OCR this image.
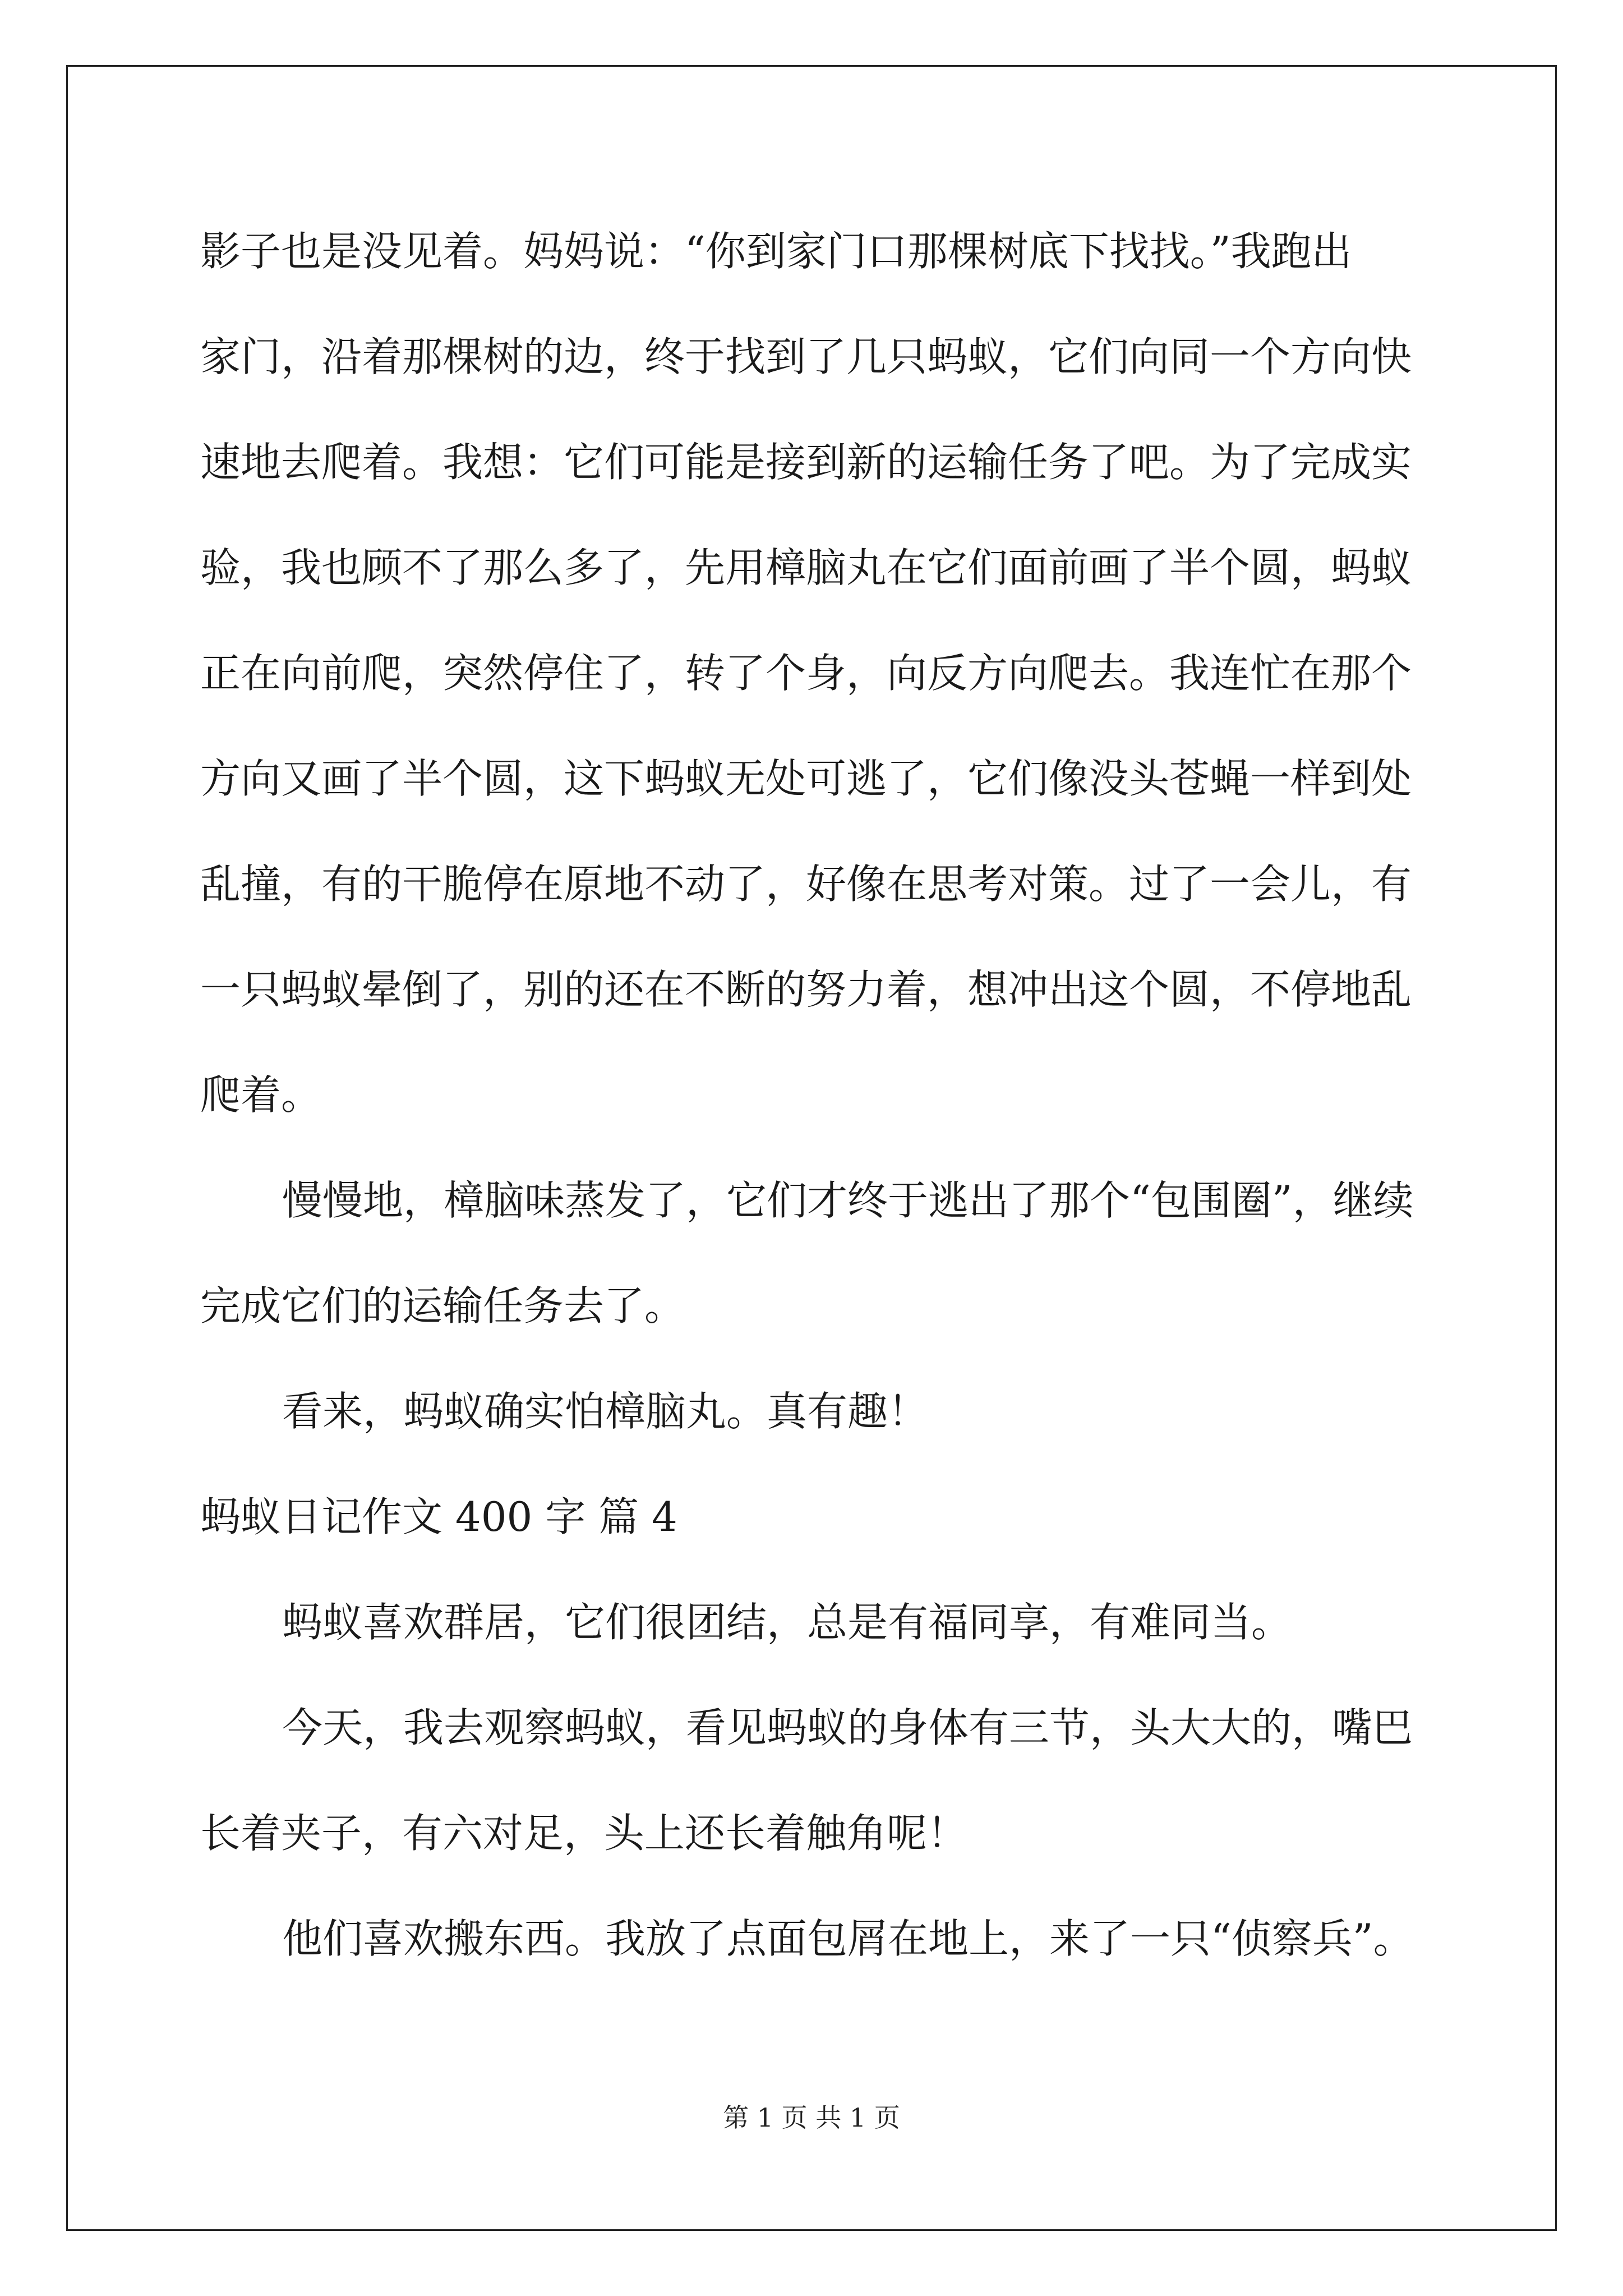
影子也是没见着。妈妈说：“你到家门口那棵树底下找找。”我跑出
家门，沿着那棵树的边，终于找到了几只蚂蚁，它们向同一个方向快
速地去爬着。我想：它们可能是接到新的运输任务了吧。为了完成实
验，我也顾不了那么多了，先用樟脑丸在它们面前画了半个圆，蚂蚁
正在向前爬，突然停住了，转了个身，向反方向爬去。我连忙在那个
方向又画了半个圆，这下蚂蚁无处可逃了，它们像没头苍蝇一样到处
乱撞，有的干脆停在原地不动了，好像在思考对策。过了一会儿，有
一只蚂蚁晕倒了，别的还在不断的努力着，想冲出这个圆，不停地乱
爬着。
慢慢地，樟脑味蒸发了，它们才终于逃出了那个“包围圈”，继续
完成它们的运输任务去了。
看来，蚂蚁确实怕樟脑丸。真有趣！
蚂蚁日记作文 400 字 篇 4
蚂蚁喜欢群居，它们很团结，总是有福同享，有难同当。
今天，我去观察蚂蚁，看见蚂蚁的身体有三节，头大大的，嘴巴
长着夹子，有六对足，头上还长着触角呢！
他们喜欢搬东西。我放了点面包屑在地上，来了一只“侦察兵”。
第 1 页 共 1 页
